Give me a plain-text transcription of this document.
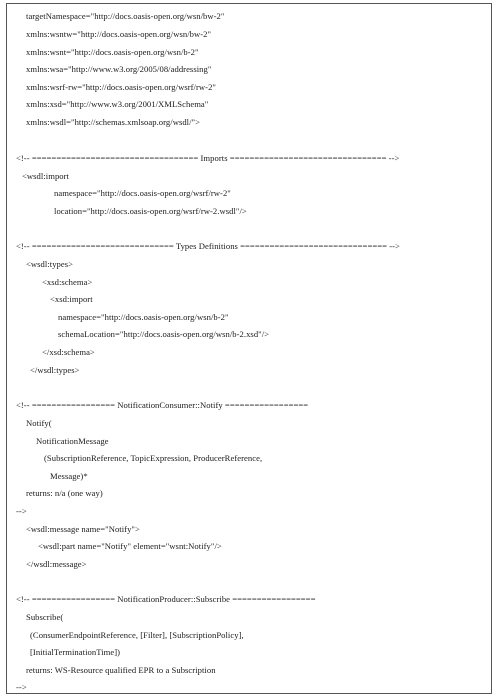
targetNamespace="http://docs.oasis-open.org/wsn/bw-2"
xmlns:wsntw="http://docs.oasis-open.org/wsn/bw-2"
xmlns:wsnt="http://docs.oasis-open.org/wsn/b-2"
xmlns:wsa="http://www.w3.org/2005/08/addressing"
xmlns:wsrf-rw="http://docs.oasis-open.org/wsrf/rw-2"
xmlns:xsd="http://www.w3.org/2001/XMLSchema"
xmlns:wsdl="http://schemas.xmlsoap.org/wsdl/">
<!-- ================================== Imports ================================ -->
<wsdl:import
namespace="http://docs.oasis-open.org/wsrf/rw-2"
location="http://docs.oasis-open.org/wsrf/rw-2.wsdl"/>
<!-- ============================= Types Definitions ============================== -->
<wsdl:types>
<xsd:schema>
<xsd:import
namespace="http://docs.oasis-open.org/wsn/b-2"
schemaLocation="http://docs.oasis-open.org/wsn/b-2.xsd"/>
</xsd:schema>
</wsdl:types>
<!-- ================= NotificationConsumer::Notify =================
Notify(
NotificationMessage
(SubscriptionReference, TopicExpression, ProducerReference,
Message)*
returns: n/a (one way)
-->
<wsdl:message name="Notify">
<wsdl:part name="Notify" element="wsnt:Notify"/>
</wsdl:message>
<!-- ================= NotificationProducer::Subscribe =================
Subscribe(
(ConsumerEndpointReference, [Filter], [SubscriptionPolicy],
[InitialTerminationTime])
returns: WS-Resource qualified EPR to a Subscription
-->
